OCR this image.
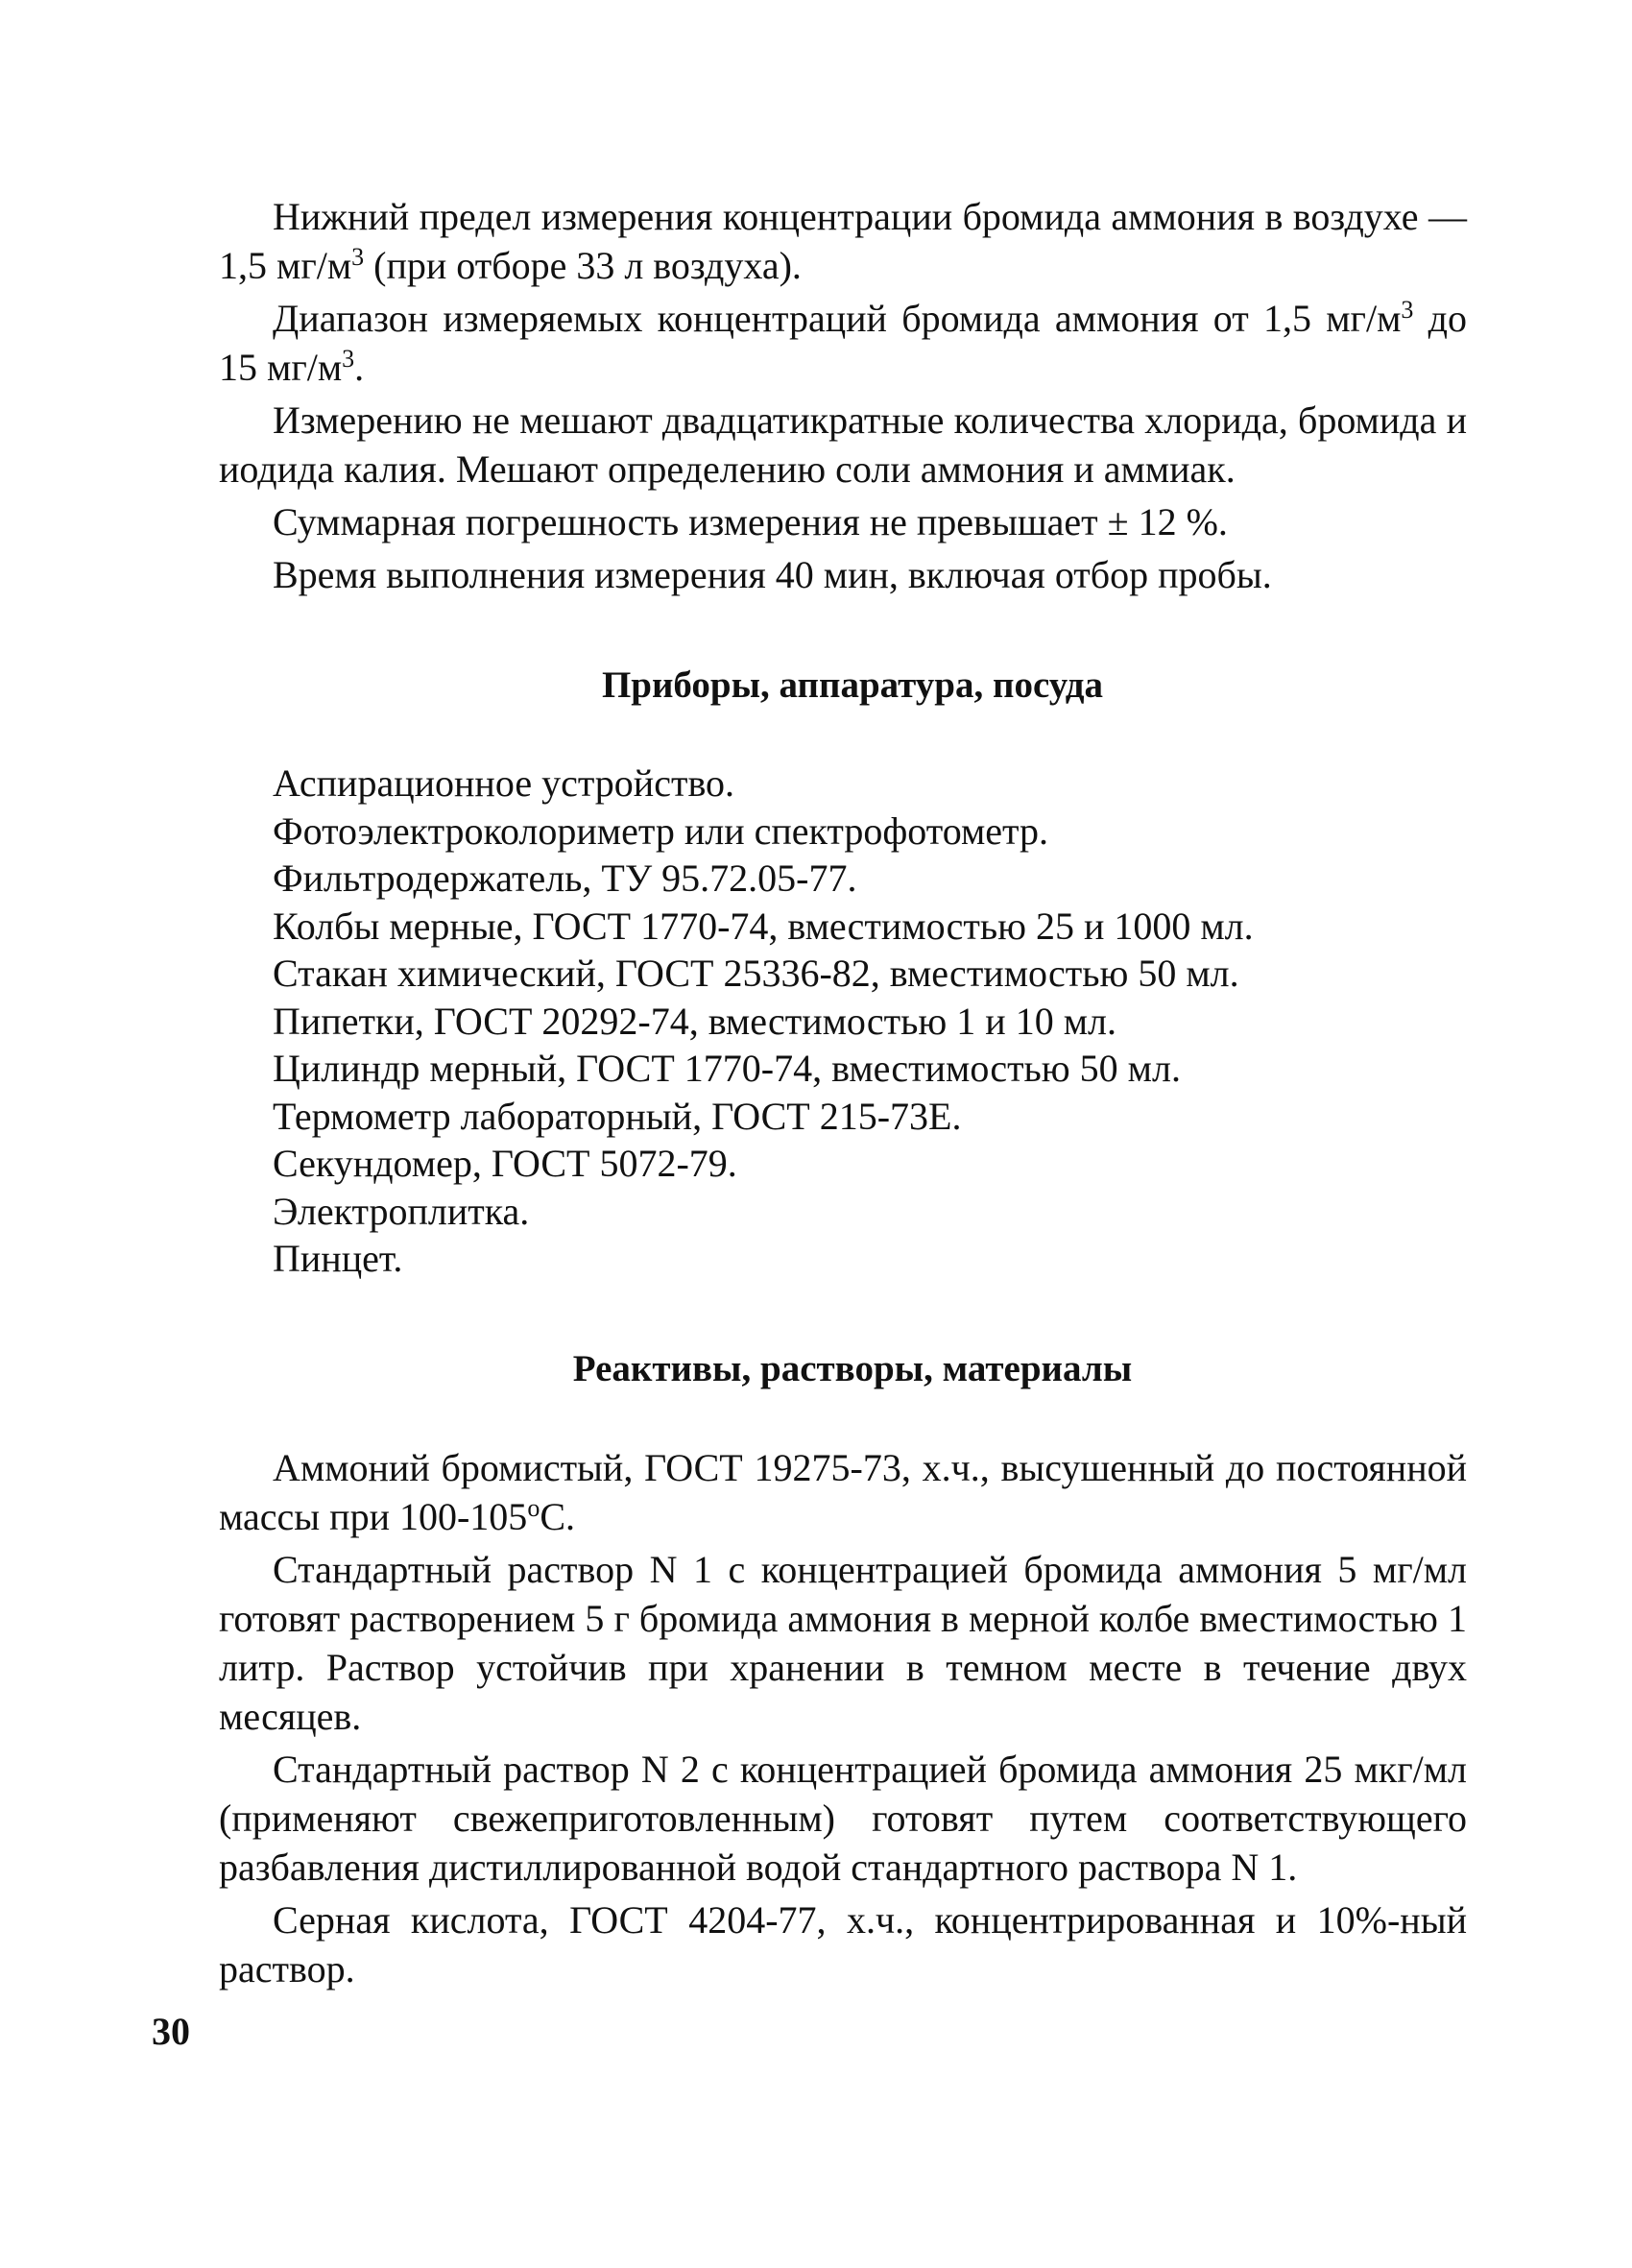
Нижний предел измерения концентрации бромида аммония в воздухе — 1,5 $мг/м^3$ (при отборе 33 л воздуха).

Диапазон измеряемых концентраций бромида аммония от 1,5 $мг/м^3$ до 15 $мг/м^3$.

Измерению не мешают двадцатикратные количества хлорида, бромида и иодида калия. Мешают определению соли аммония и аммиак.

Суммарная погрешность измерения не превышает ± 12 %.

Время выполнения измерения 40 мин, включая отбор пробы.

Приборы, аппаратура, посуда
Аспирационное устройство.
Фотоэлектроколориметр или спектрофотометр.
Фильтродержатель, ТУ 95.72.05-77.
Колбы мерные, ГОСТ 1770-74, вместимостью 25 и 1000 мл.
Стакан химический, ГОСТ 25336-82, вместимостью 50 мл.
Пипетки, ГОСТ 20292-74, вместимостью 1 и 10 мл.
Цилиндр мерный, ГОСТ 1770-74, вместимостью 50 мл.
Термометр лабораторный, ГОСТ 215-73Е.
Секундомер, ГОСТ 5072-79.
Электроплитка.
Пинцет.
Реактивы, растворы, материалы

Аммоний бромистый, ГОСТ 19275-73, х.ч., высушенный до постоянной массы при $100-105^оС$.

Стандартный раствор N 1 с концентрацией бромида аммония 5 мг/мл готовят растворением 5 г бромида аммония в мерной колбе вместимостью 1 литр. Раствор устойчив при хранении в темном месте в течение двух месяцев.

Стандартный раствор N 2 с концентрацией бромида аммония 25 мкг/мл (применяют свежеприготовленным) готовят путем соответствующего разбавления дистиллированной водой стандартного раствора N 1.

Серная кислота, ГОСТ 4204-77, х.ч., концентрированная и 10%-ный раствор.

30
